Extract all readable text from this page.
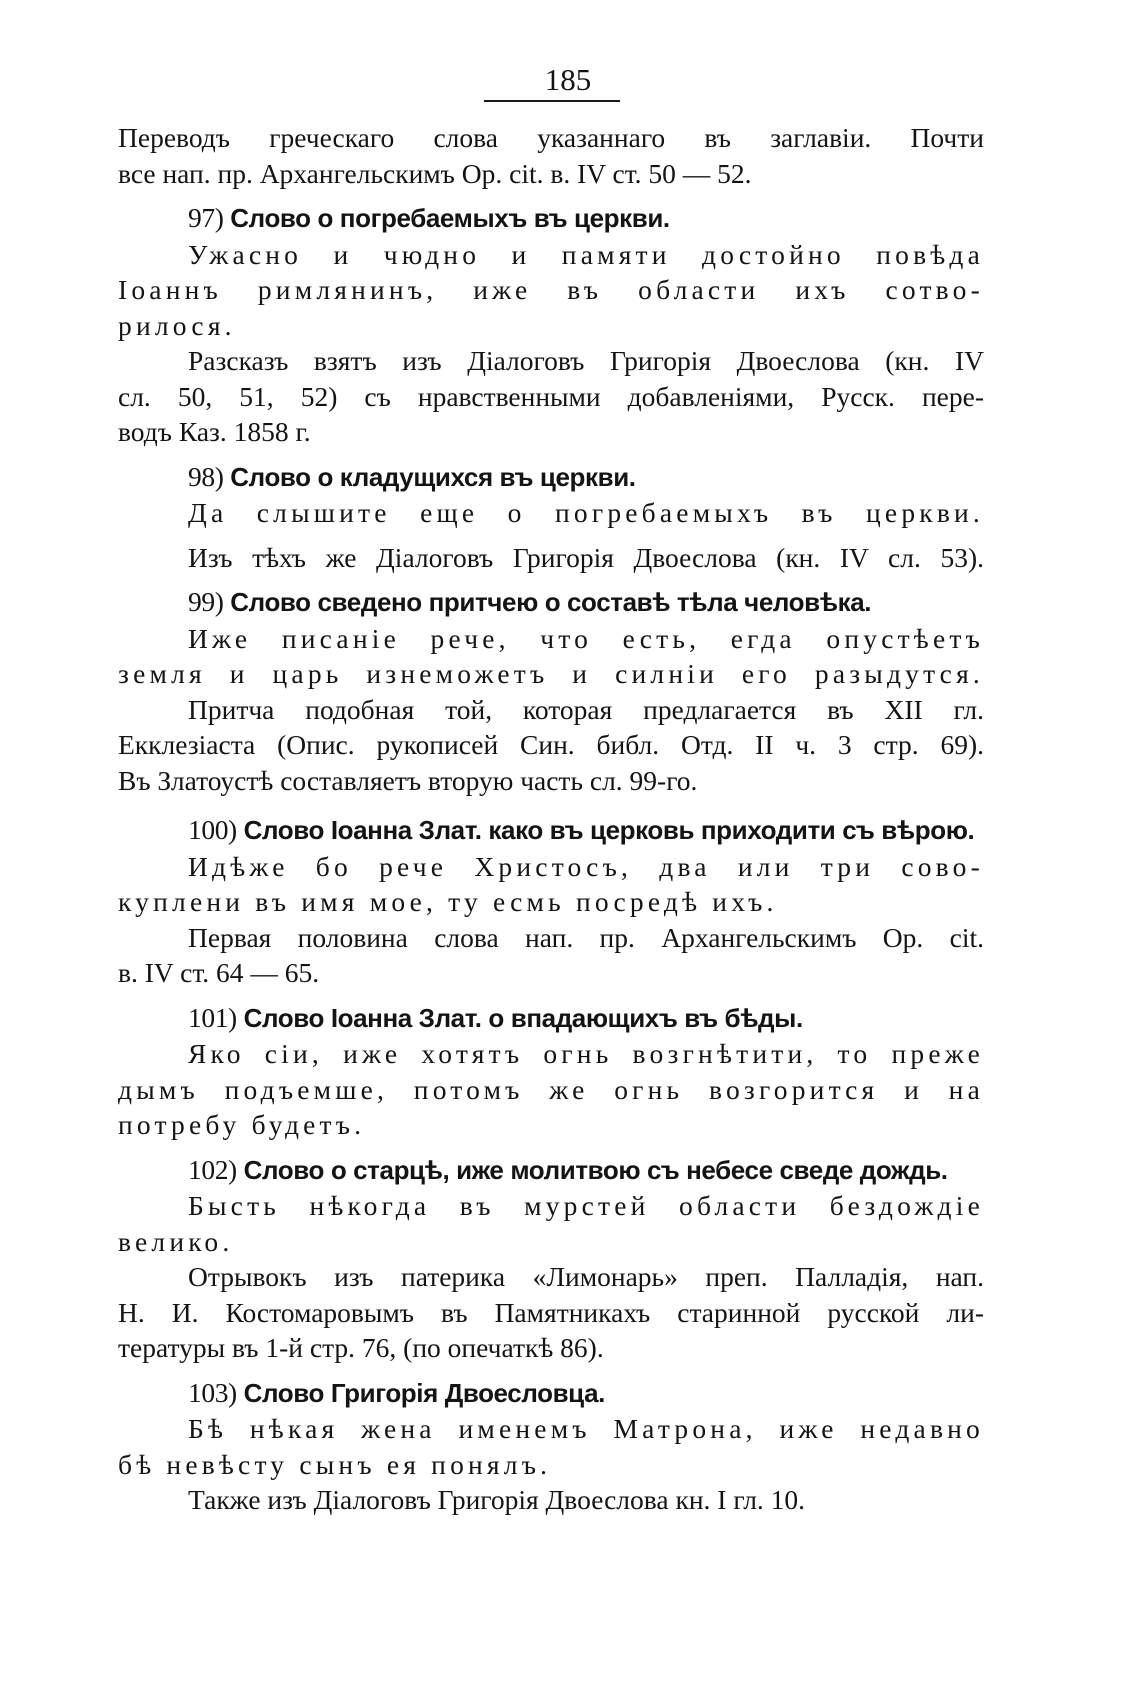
185
Переводъ греческаго слова указаннаго въ заглавіи. Почти
все нап. пр. Архангельскимъ Op. cit. в. IV ст. 50 — 52.
97) Слово о погребаемыхъ въ церкви.
Ужасно и чюдно и памяти достойно повѣда
Іоаннъ римлянинъ, иже въ области ихъ сотво-
рилося.
Разсказъ взятъ изъ Діалоговъ Григорія Двоеслова (кн. IV
сл. 50, 51, 52) съ нравственными добавленіями, Русск. пере-
водъ Каз. 1858 г.
98) Слово о кладущихся въ церкви.
Да слышите еще о погребаемыхъ въ церкви.
Изъ тѣхъ же Діалоговъ Григорія Двоеслова (кн. IV сл. 53).
99) Слово сведено притчею о составѣ тѣла человѣка.
Иже писаніе рече, что есть, егда опустѣетъ
земля и царь изнеможетъ и силніи его разыдутся.
Притча подобная той, которая предлагается въ XII гл.
Екклезіаста (Опис. рукописей Син. библ. Отд. II ч. 3 стр. 69).
Въ Златоустѣ составляетъ вторую часть сл. 99-го.
100) Слово Іоанна Злат. како въ церковь приходити съ вѣрою.
Идѣже бо рече Христосъ, два или три сово-
куплени въ имя мое, ту есмь посредѣ ихъ.
Первая половина слова нап. пр. Архангельскимъ Op. cit.
в. IV ст. 64 — 65.
101) Слово Іоанна Злат. о впадающихъ въ бѣды.
Яко сіи, иже хотятъ огнь возгнѣтити, то преже
дымъ подъемше, потомъ же огнь возгорится и на
потребу будетъ.
102) Слово о старцѣ, иже молитвою съ небесе сведе дождь.
Бысть нѣкогда въ мурстей области бездождіе
велико.
Отрывокъ изъ патерика «Лимонарь» преп. Палладія, нап.
Н. И. Костомаровымъ въ Памятникахъ старинной русской ли-
тературы въ 1-й стр. 76, (по опечаткѣ 86).
103) Слово Григорія Двоесловца.
Бѣ нѣкая жена именемъ Матрона, иже недавно
бѣ невѣсту сынъ ея понялъ.
Также изъ Діалоговъ Григорія Двоеслова кн. I гл. 10.
